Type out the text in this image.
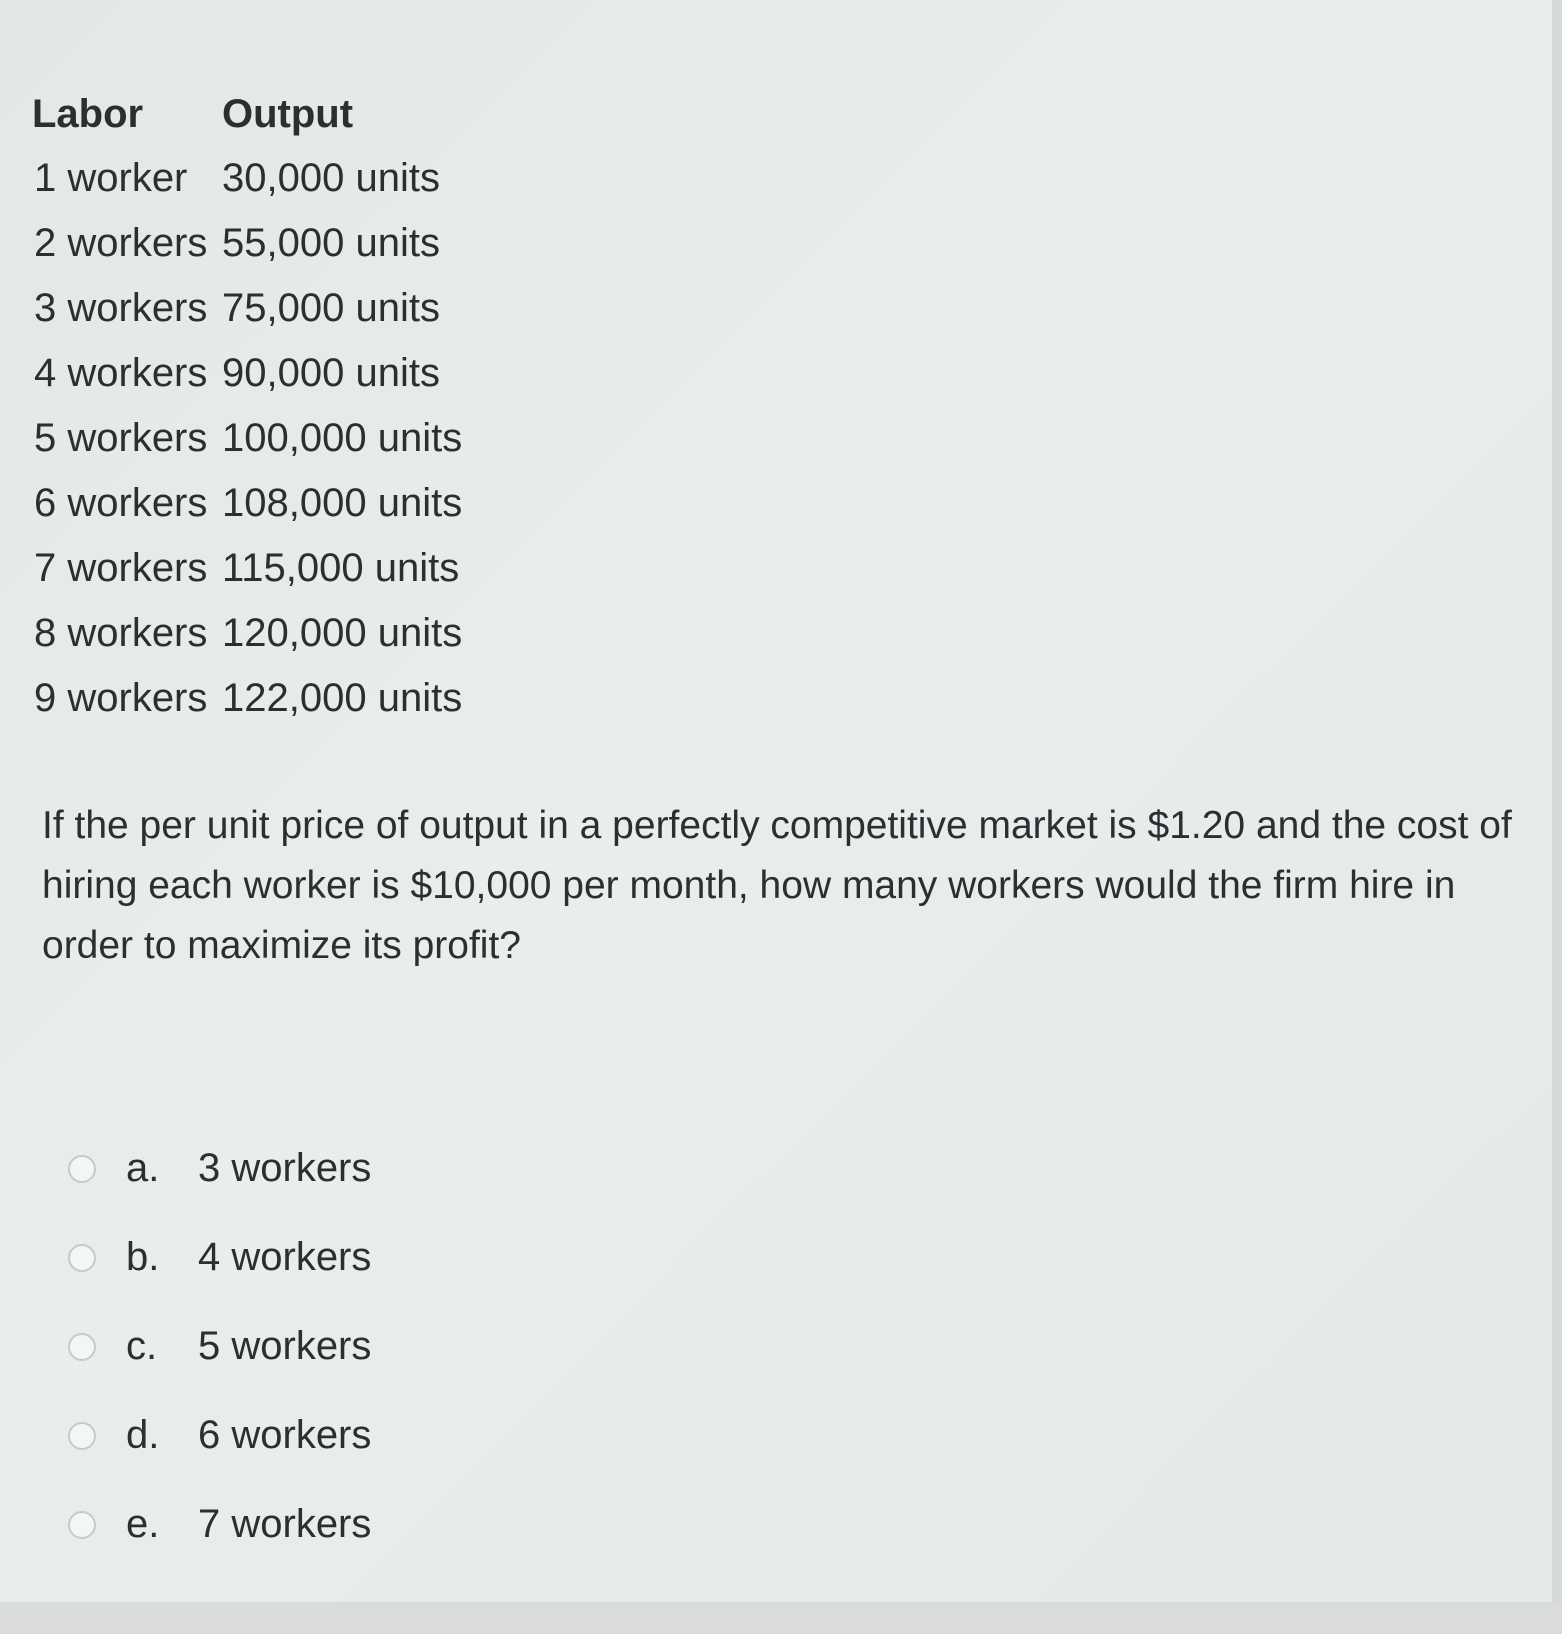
Labor	Output
1 worker	30,000 units
2 workers	55,000 units
3 workers	75,000 units
4 workers	90,000 units
5 workers	100,000 units
6 workers	108,000 units
7 workers	115,000 units
8 workers	120,000 units
9 workers	122,000 units

If the per unit price of output in a perfectly competitive market is $1.20 and the cost of hiring each worker is $10,000 per month, how many workers would the firm hire in order to maximize its profit?

a. 3 workers
b. 4 workers
c.	5 workers
d. 6 workers
e. 7 workers
